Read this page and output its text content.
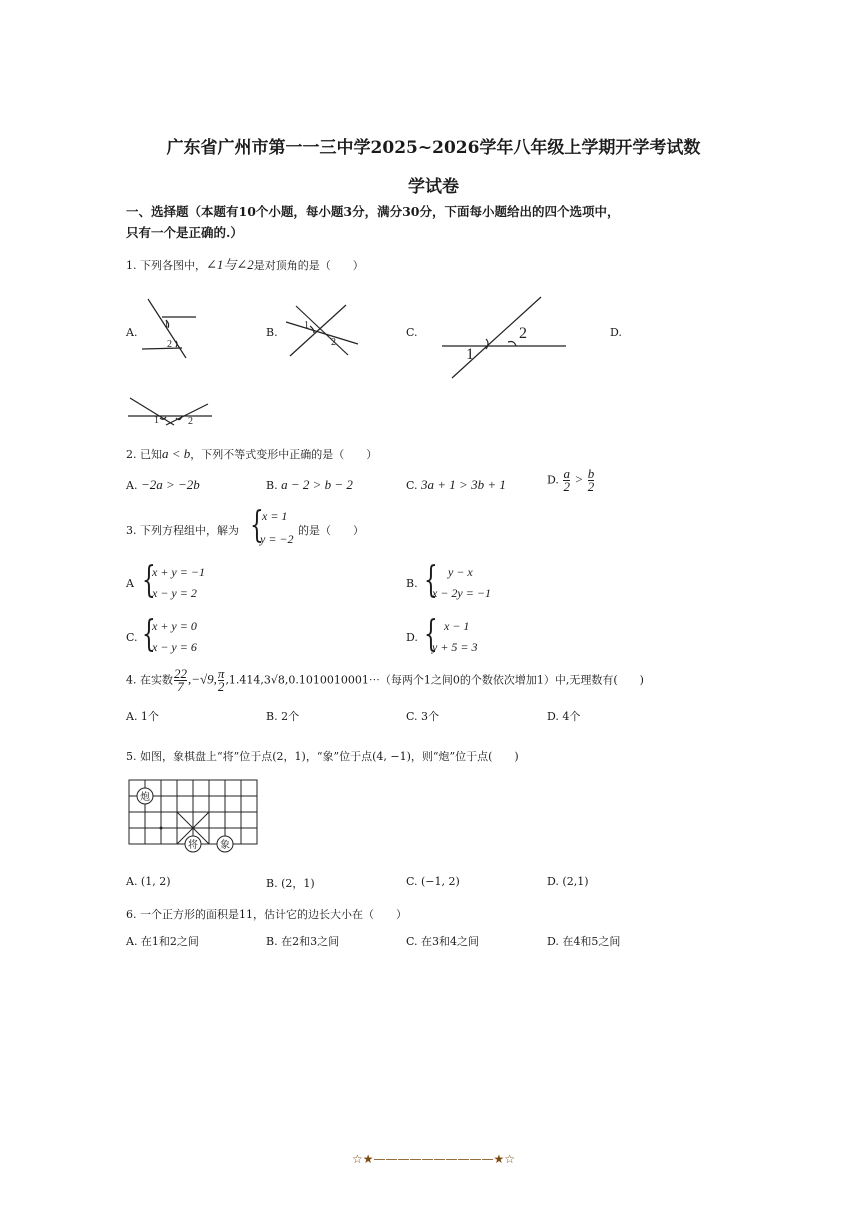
广东省广州市第一一三中学2025~2026学年八年级上学期开学考试数
学试卷
一、选择题（本题有10个小题，每小题3分，满分30分，下面每小题给出的四个选项中，
只有一个是正确的.）
1. 下列各图中，∠1与∠2是对顶角的是（　　）
A.	B.	C.	D.
1
2
1
2
1
2
1	2
2. 已知a < b，下列不等式变形中正确的是（　　）
A. −2a > −2b	B. a − 2 > b − 2	C. 3a + 1 > 3b + 1	D. $\frac{a}{2} > \frac{b}{2}$
3. 下列方程组中，解为 {
x = 1
y = −2
的是（　　）
A {
x + y = −1
x − y = 2
B. { y − x
x − 2y = −1
C. {
x + y = 0
x − y = 6
D. { x − 1
y + 5 = 3
4. 在实数 $\frac{22}{7} ,-√9$, $\frac{\pi}{2}$ ,1.414,3√8,0.1010010001⋯（每两个1之间0的个数依次增加1）中,无理数有(　　)
A. 1个	B. 2个	C. 3个	D. 4个
5. 如图，象棋盘上“将”位于点(2，1)，“象”位于点(4, −1)，则“炮”位于点(　　)
炮
将 象
A. (1, 2)	B. (2，1)	C. (−1, 2)	D. (2,1)
6. 一个正方形的面积是11，估计它的边长大小在（　　）
A. 在1和2之间	B. 在2和3之间	C. 在3和4之间	D. 在4和5之间
☆★——————————★☆
